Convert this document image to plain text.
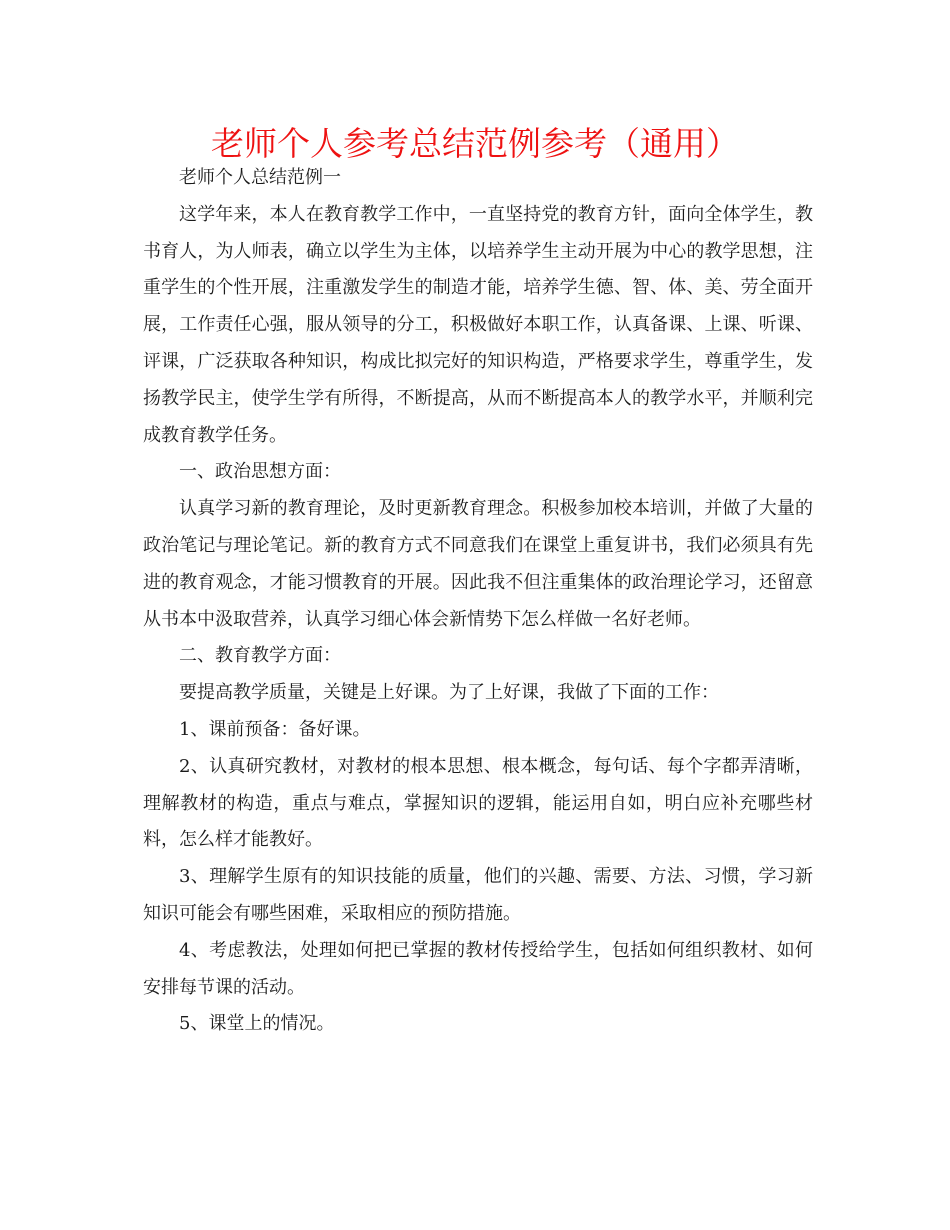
老师个人参考总结范例参考（通用）

老师个人总结范例一

这学年来，本人在教育教学工作中，一直坚持党的教育方针，面向全体学生，教书育人，为人师表，确立以学生为主体，以培养学生主动开展为中心的教学思想，注重学生的个性开展，注重激发学生的制造才能，培养学生德、智、体、美、劳全面开展，工作责任心强，服从领导的分工，积极做好本职工作，认真备课、上课、听课、评课，广泛获取各种知识，构成比拟完好的知识构造，严格要求学生，尊重学生，发扬教学民主，使学生学有所得，不断提高，从而不断提高本人的教学水平，并顺利完成教育教学任务。

一、政治思想方面：

认真学习新的教育理论，及时更新教育理念。积极参加校本培训，并做了大量的政治笔记与理论笔记。新的教育方式不同意我们在课堂上重复讲书，我们必须具有先进的教育观念，才能习惯教育的开展。因此我不但注重集体的政治理论学习，还留意从书本中汲取营养，认真学习细心体会新情势下怎么样做一名好老师。

二、教育教学方面：

要提高教学质量，关键是上好课。为了上好课，我做了下面的工作：

1、课前预备：备好课。

2、认真研究教材，对教材的根本思想、根本概念，每句话、每个字都弄清晰，理解教材的构造，重点与难点，掌握知识的逻辑，能运用自如，明白应补充哪些材料，怎么样才能教好。

3、理解学生原有的知识技能的质量，他们的兴趣、需要、方法、习惯，学习新知识可能会有哪些困难，采取相应的预防措施。

4、考虑教法，处理如何把已掌握的教材传授给学生，包括如何组织教材、如何安排每节课的活动。

5、课堂上的情况。
